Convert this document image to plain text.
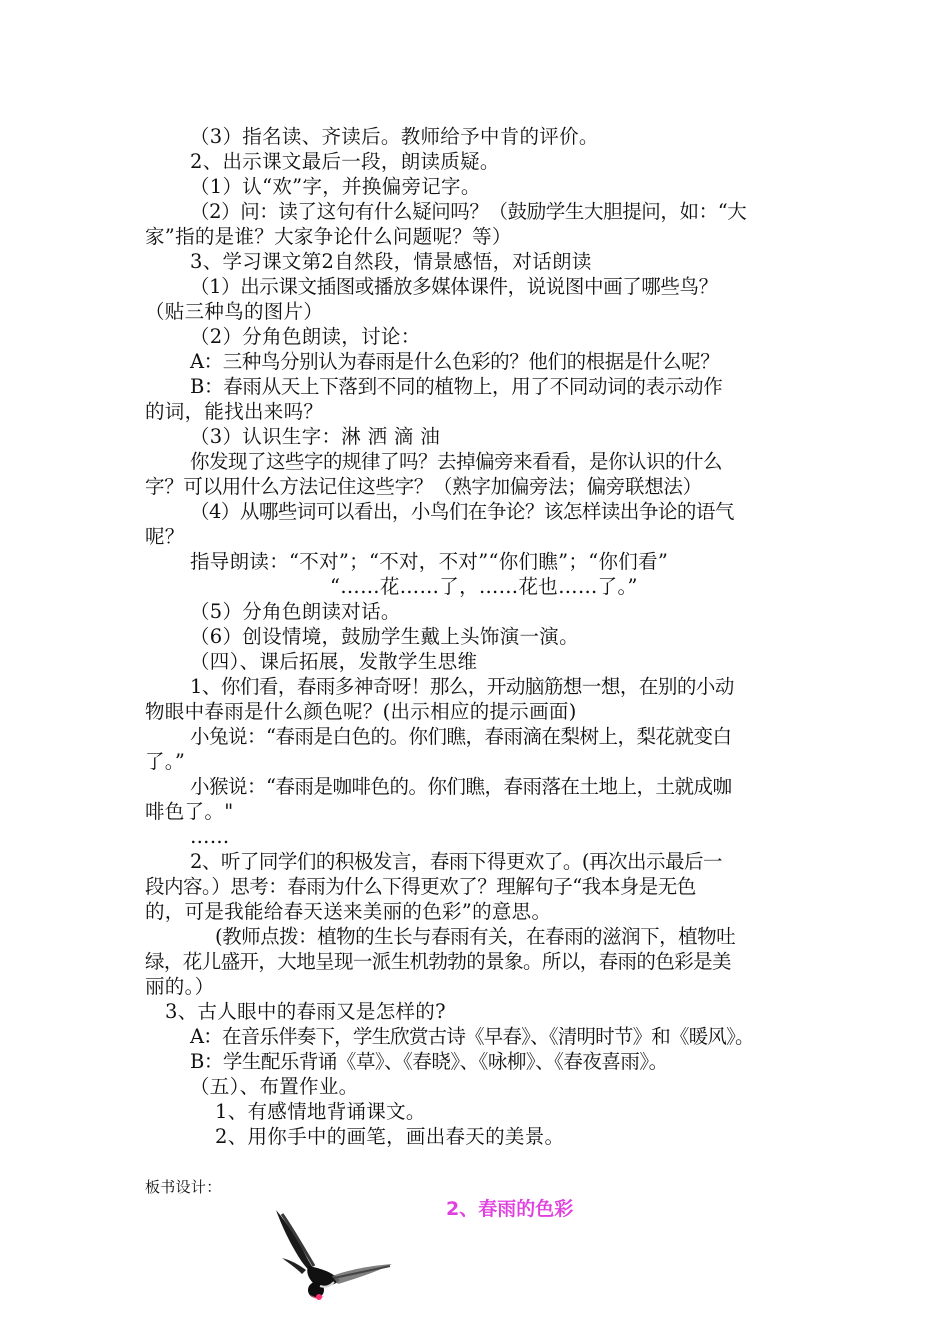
（3）指名读、齐读后。教师给予中肯的评价。
2、出示课文最后一段，朗读质疑。
（1）认“欢”字，并换偏旁记字。
（2）问：读了这句有什么疑问吗？（鼓励学生大胆提问，如：“大
家”指的是谁？大家争论什么问题呢？等）
3、学习课文第2自然段，情景感悟，对话朗读
（1）出示课文插图或播放多媒体课件，说说图中画了哪些鸟？
（贴三种鸟的图片）
（2）分角色朗读，讨论：
A：三种鸟分别认为春雨是什么色彩的？他们的根据是什么呢？
B：春雨从天上下落到不同的植物上，用了不同动词的表示动作
的词，能找出来吗？
（3）认识生字：淋 洒 滴 油
你发现了这些字的规律了吗？去掉偏旁来看看，是你认识的什么
字？可以用什么方法记住这些字？（熟字加偏旁法；偏旁联想法）
（4）从哪些词可以看出，小鸟们在争论？该怎样读出争论的语气
呢？
指导朗读：“不对”；“不对，不对”“你们瞧”；“你们看”
“……花……了，……花也……了。”
（5）分角色朗读对话。
（6）创设情境，鼓励学生戴上头饰演一演。
（四）、课后拓展，发散学生思维
1、你们看，春雨多神奇呀！那么，开动脑筋想一想，在别的小动
物眼中春雨是什么颜色呢？(出示相应的提示画面)
小兔说：“春雨是白色的。你们瞧，春雨滴在梨树上，梨花就变白
了。”
小猴说：“春雨是咖啡色的。你们瞧，春雨落在土地上，土就成咖
啡色了。"
……
2、听了同学们的积极发言，春雨下得更欢了。(再次出示最后一
段内容。）思考：春雨为什么下得更欢了？理解句子“我本身是无色
的，可是我能给春天送来美丽的色彩”的意思。
(教师点拨：植物的生长与春雨有关，在春雨的滋润下，植物吐
绿，花儿盛开，大地呈现一派生机勃勃的景象。所以，春雨的色彩是美
丽的。）
3、古人眼中的春雨又是怎样的?
A：在音乐伴奏下，学生欣赏古诗《早春》、《清明时节》和《暖风》。
B：学生配乐背诵《草》、《春晓》、《咏柳》、《春夜喜雨》。
（五）、布置作业。
1、有感情地背诵课文。
2、用你手中的画笔，画出春天的美景。
板书设计：
2、春雨的色彩
